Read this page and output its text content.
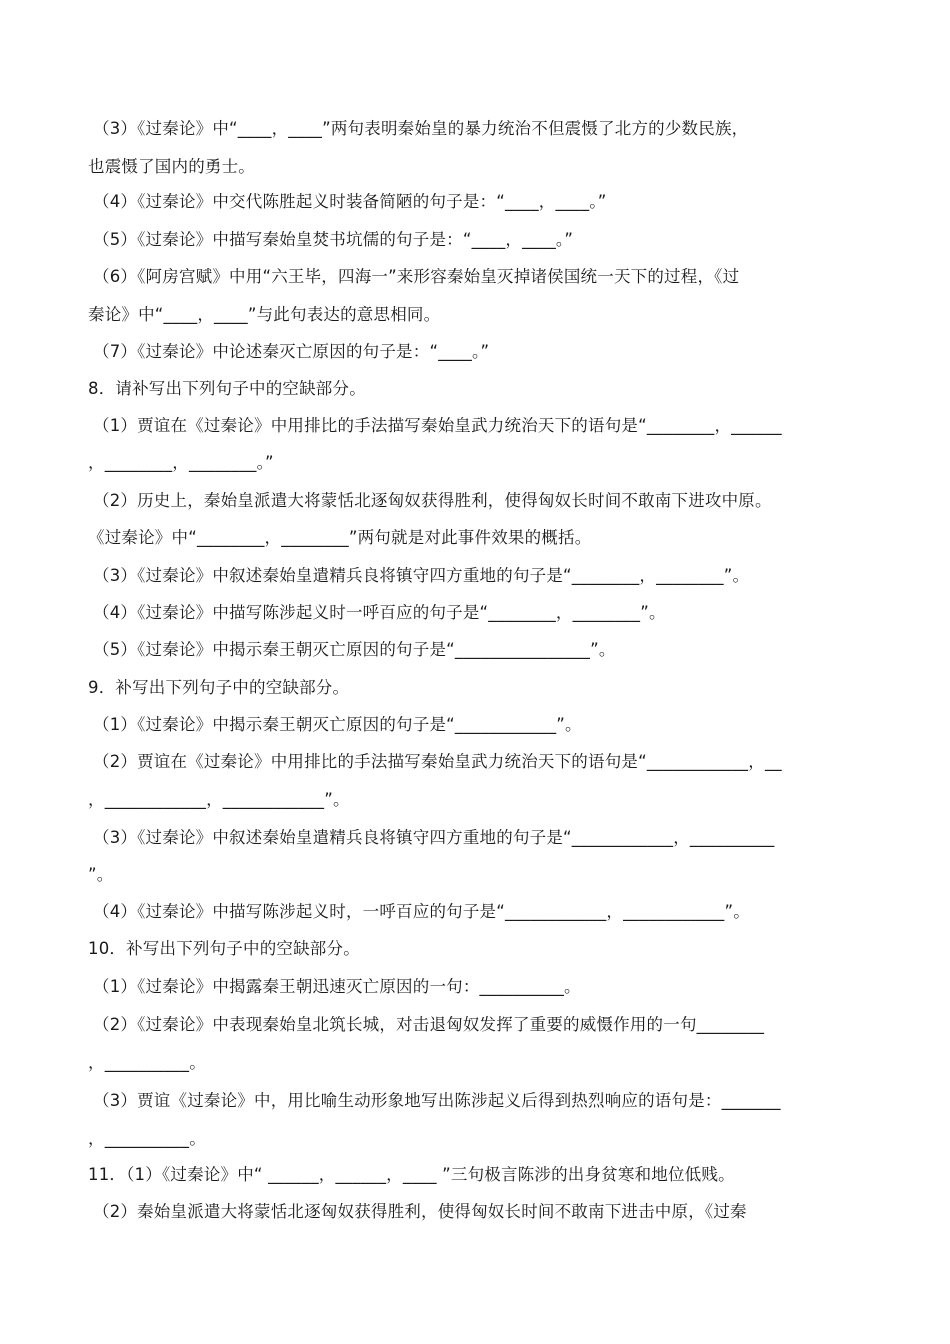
（3）《过秦论》中“____，____”两句表明秦始皇的暴力统治不但震慑了北方的少数民族，
也震慑了国内的勇士。
（4）《过秦论》中交代陈胜起义时装备简陋的句子是：“____，____。”
（5）《过秦论》中描写秦始皇焚书坑儒的句子是：“____，____。”
（6）《阿房宫赋》中用“六王毕，四海一”来形容秦始皇灭掉诸侯国统一天下的过程，《过
秦论》中“____，____”与此句表达的意思相同。
（7）《过秦论》中论述秦灭亡原因的句子是：“____。”
8．请补写出下列句子中的空缺部分。
（1）贾谊在《过秦论》中用排比的手法描写秦始皇武力统治天下的语句是“________，______
，________，________。”
（2）历史上，秦始皇派遣大将蒙恬北逐匈奴获得胜利，使得匈奴长时间不敢南下进攻中原。
《过秦论》中“________，________”两句就是对此事件效果的概括。
（3）《过秦论》中叙述秦始皇遣精兵良将镇守四方重地的句子是“________，________”。
（4）《过秦论》中描写陈涉起义时一呼百应的句子是“________，________”。
（5）《过秦论》中揭示秦王朝灭亡原因的句子是“________________”。
9．补写出下列句子中的空缺部分。
（1）《过秦论》中揭示秦王朝灭亡原因的句子是“____________”。
（2）贾谊在《过秦论》中用排比的手法描写秦始皇武力统治天下的语句是“____________，__
，____________，____________”。
（3）《过秦论》中叙述秦始皇遣精兵良将镇守四方重地的句子是“____________，__________
”。
（4）《过秦论》中描写陈涉起义时，一呼百应的句子是“____________，____________”。
10．补写出下列句子中的空缺部分。
（1）《过秦论》中揭露秦王朝迅速灭亡原因的一句：__________。
（2）《过秦论》中表现秦始皇北筑长城，对击退匈奴发挥了重要的威慑作用的一句________
，__________。
（3）贾谊《过秦论》中，用比喻生动形象地写出陈涉起义后得到热烈响应的语句是：_______
，__________。
11．（1）《过秦论》中“ ______，______，____ ”三句极言陈涉的出身贫寒和地位低贱。
（2）秦始皇派遣大将蒙恬北逐匈奴获得胜利，使得匈奴长时间不敢南下进击中原，《过秦
